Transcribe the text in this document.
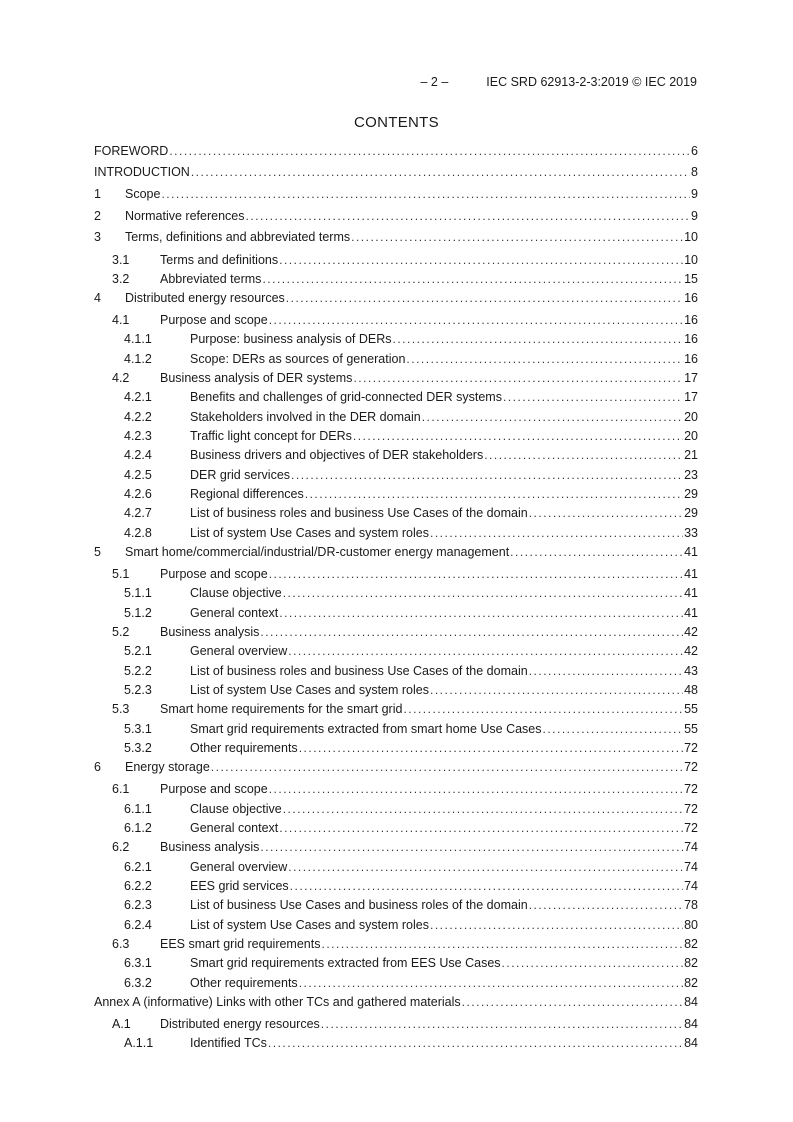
– 2 –	IEC SRD 62913-2-3:2019 © IEC 2019
CONTENTS
FOREWORD .....	6
INTRODUCTION .....	8
1	Scope .....	9
2	Normative references .....	9
3	Terms, definitions and abbreviated terms .....	10
3.1	Terms and definitions .....	10
3.2	Abbreviated terms .....	15
4	Distributed energy resources .....	16
4.1	Purpose and scope .....	16
4.1.1	Purpose: business analysis of DERs .....	16
4.1.2	Scope: DERs as sources of generation .....	16
4.2	Business analysis of DER systems .....	17
4.2.1	Benefits and challenges of grid-connected DER systems .....	17
4.2.2	Stakeholders involved in the DER domain .....	20
4.2.3	Traffic light concept for DERs .....	20
4.2.4	Business drivers and objectives of DER stakeholders .....	21
4.2.5	DER grid services .....	23
4.2.6	Regional differences .....	29
4.2.7	List of business roles and business Use Cases of the domain .....	29
4.2.8	List of system Use Cases and system roles .....	33
5	Smart home/commercial/industrial/DR-customer energy management .....	41
5.1	Purpose and scope .....	41
5.1.1	Clause objective .....	41
5.1.2	General context .....	41
5.2	Business analysis .....	42
5.2.1	General overview .....	42
5.2.2	List of business roles and business Use Cases of the domain .....	43
5.2.3	List of system Use Cases and system roles .....	48
5.3	Smart home requirements for the smart grid .....	55
5.3.1	Smart grid requirements extracted from smart home Use Cases .....	55
5.3.2	Other requirements .....	72
6	Energy storage .....	72
6.1	Purpose and scope .....	72
6.1.1	Clause objective .....	72
6.1.2	General context .....	72
6.2	Business analysis .....	74
6.2.1	General overview .....	74
6.2.2	EES grid services .....	74
6.2.3	List of business Use Cases and business roles of the domain .....	78
6.2.4	List of system Use Cases and system roles .....	80
6.3	EES smart grid requirements .....	82
6.3.1	Smart grid requirements extracted from EES Use Cases .....	82
6.3.2	Other requirements .....	82
Annex A (informative) Links with other TCs and gathered materials .....	84
A.1	Distributed energy resources .....	84
A.1.1	Identified TCs .....	84
